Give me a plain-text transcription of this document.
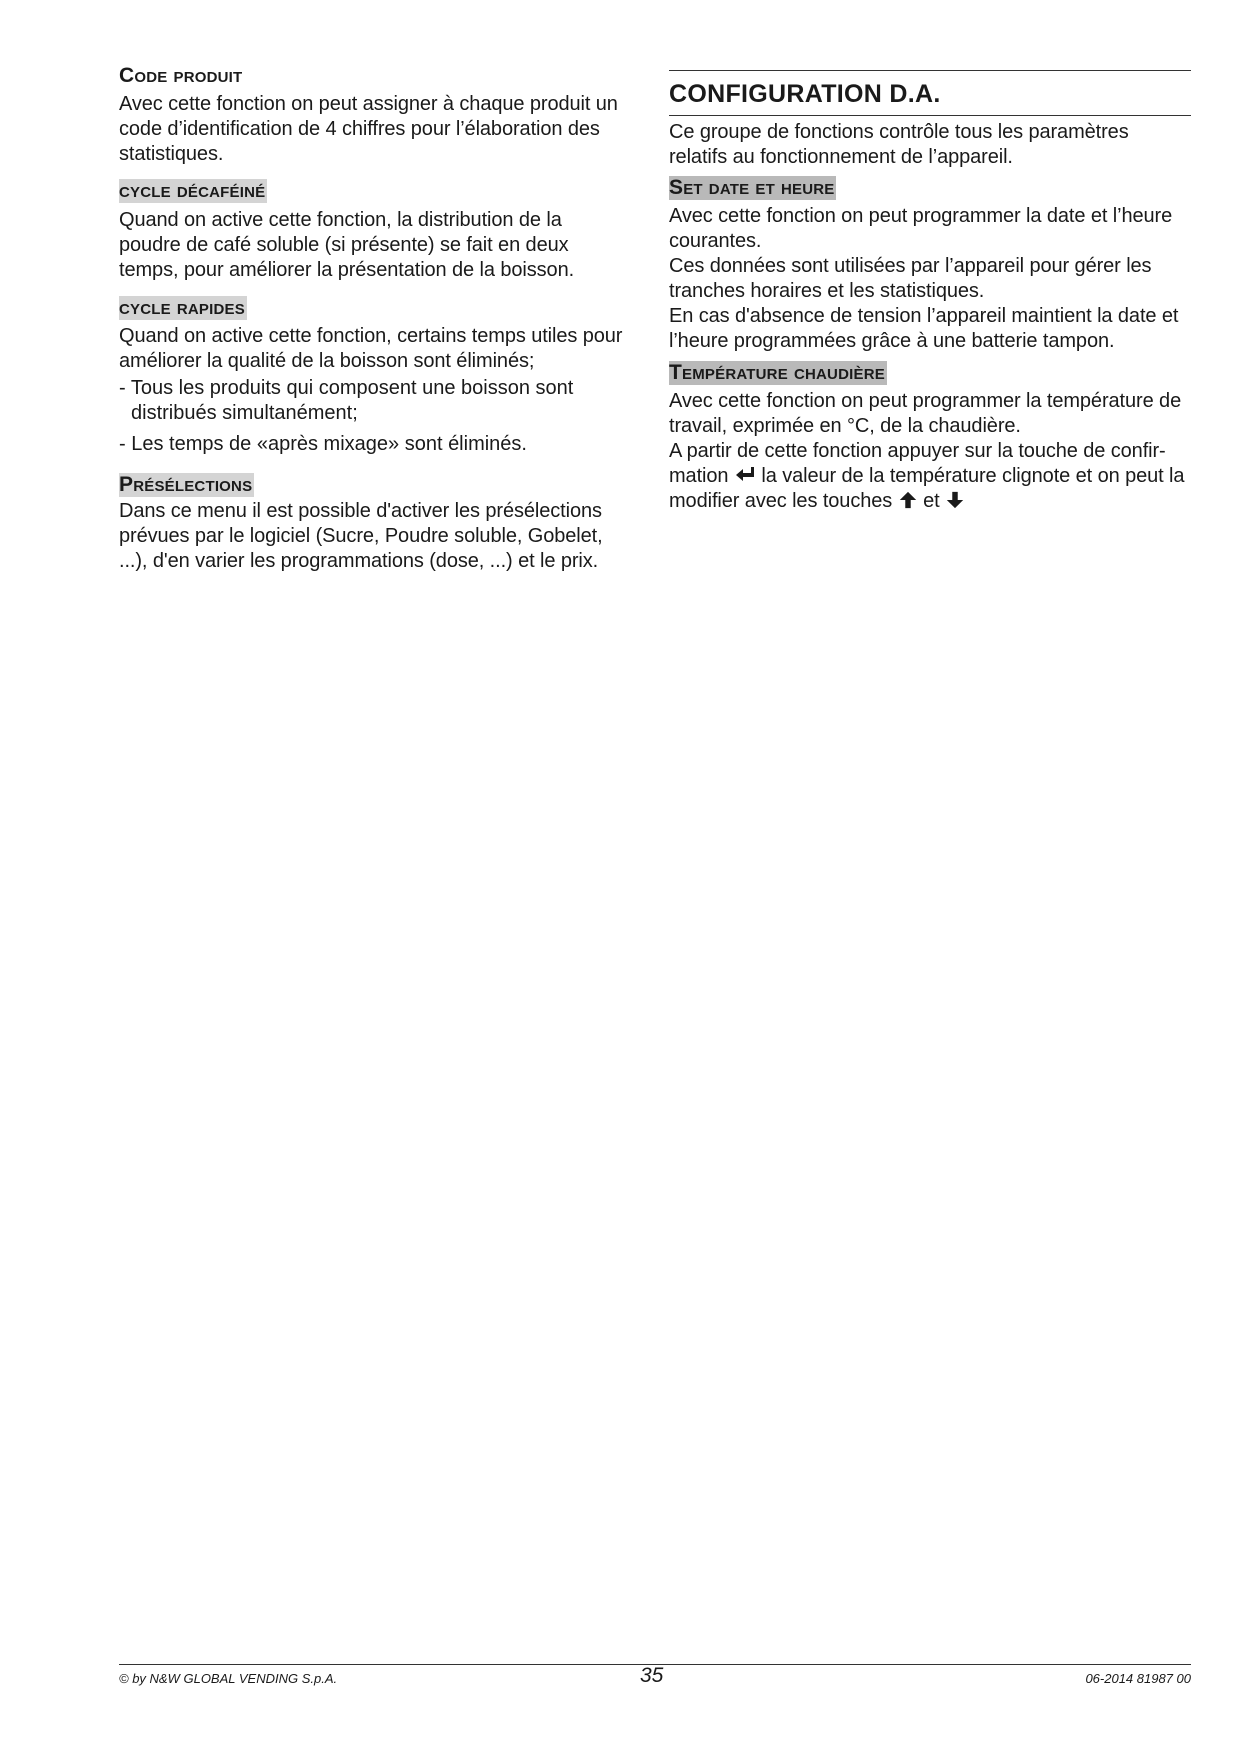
Code produit

Avec cette fonction on peut assigner à chaque produit un code d’identification de 4 chiffres pour l’élaboration des statistiques.

cycle décaféiné

Quand on active cette fonction, la distribution de la poudre de café soluble (si présente) se fait en deux temps, pour améliorer la présentation de la boisson.

cycle rapides

Quand on active cette fonction, certains temps utiles pour améliorer la qualité de la boisson sont éliminés;

- Tous les produits qui composent une boisson sont distribués simultanément;

- Les temps de «après mixage» sont éliminés.

Présélections

Dans ce menu il est possible d'activer les présélections prévues par le logiciel (Sucre, Poudre soluble, Gobelet, ...), d'en varier les programmations (dose, ...) et le prix.

CONFIGURATION D.A.

Ce groupe de fonctions contrôle tous les paramètres relatifs au fonctionnement de l’appareil.

Set date et heure

Avec cette fonction on peut programmer la date et l’heure courantes.

Ces données sont utilisées par l’appareil pour gérer les tranches horaires et les statistiques.

En cas d'absence de tension l’appareil maintient la date et l’heure programmées grâce à une batterie tampon.

Température chaudière

Avec cette fonction on peut programmer la température de travail, exprimée en °C, de la chaudière.

A partir de cette fonction appuyer sur la touche de confir-mation la valeur de la température clignote et on peut la modifier avec les touches et

© by N&W GLOBAL VENDING S.p.A.	35	06-2014 81987 00
